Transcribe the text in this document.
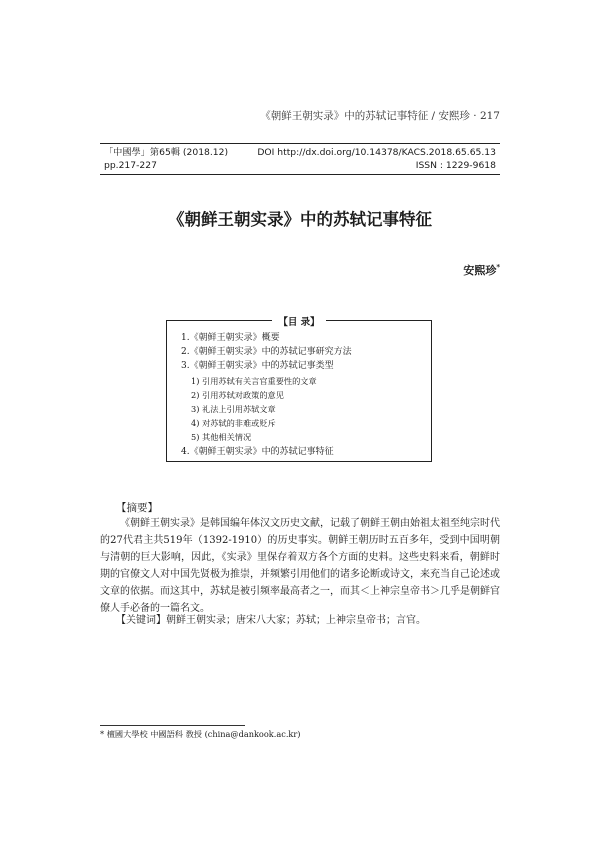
《朝鲜王朝实录》中的苏轼记事特征 / 安熙珍 · 217
「中國學」第65輯 (2018.12)	DOI http://dx.doi.org/10.14378/KACS.2018.65.65.13
pp.217-227	ISSN : 1229-9618
《朝鲜王朝实录》中的苏轼记事特征
安熙珍*
【目 录】
1.《朝鲜王朝实录》概要
2.《朝鲜王朝实录》中的苏轼记事研究方法
3.《朝鲜王朝实录》中的苏轼记事类型
1) 引用苏轼有关言官重要性的文章
2) 引用苏轼对政策的意见
3) 礼法上引用苏轼文章
4) 对苏轼的非难或贬斥
5) 其他相关情况
4.《朝鲜王朝实录》中的苏轼记事特征
【摘要】

《朝鲜王朝实录》是韩国编年体汉文历史文献，记载了朝鲜王朝由始祖太祖至纯宗时代的27代君主共519年（1392-1910）的历史事实。朝鲜王朝历时五百多年，受到中国明朝与清朝的巨大影响，因此，《实录》里保存着双方各个方面的史料。这些史料来看，朝鲜时期的官僚文人对中国先贤极为推崇，并频繁引用他们的诸多论断或诗文，来充当自己论述或文章的依据。而这其中，苏轼是被引频率最高者之一，而其＜上神宗皇帝书＞几乎是朝鲜官僚人手必备的一篇名文。

【关键词】朝鲜王朝实录；唐宋八大家；苏轼；上神宗皇帝书；言官。
* 檀國大學校 中國語科 敎授 (china@dankook.ac.kr)
